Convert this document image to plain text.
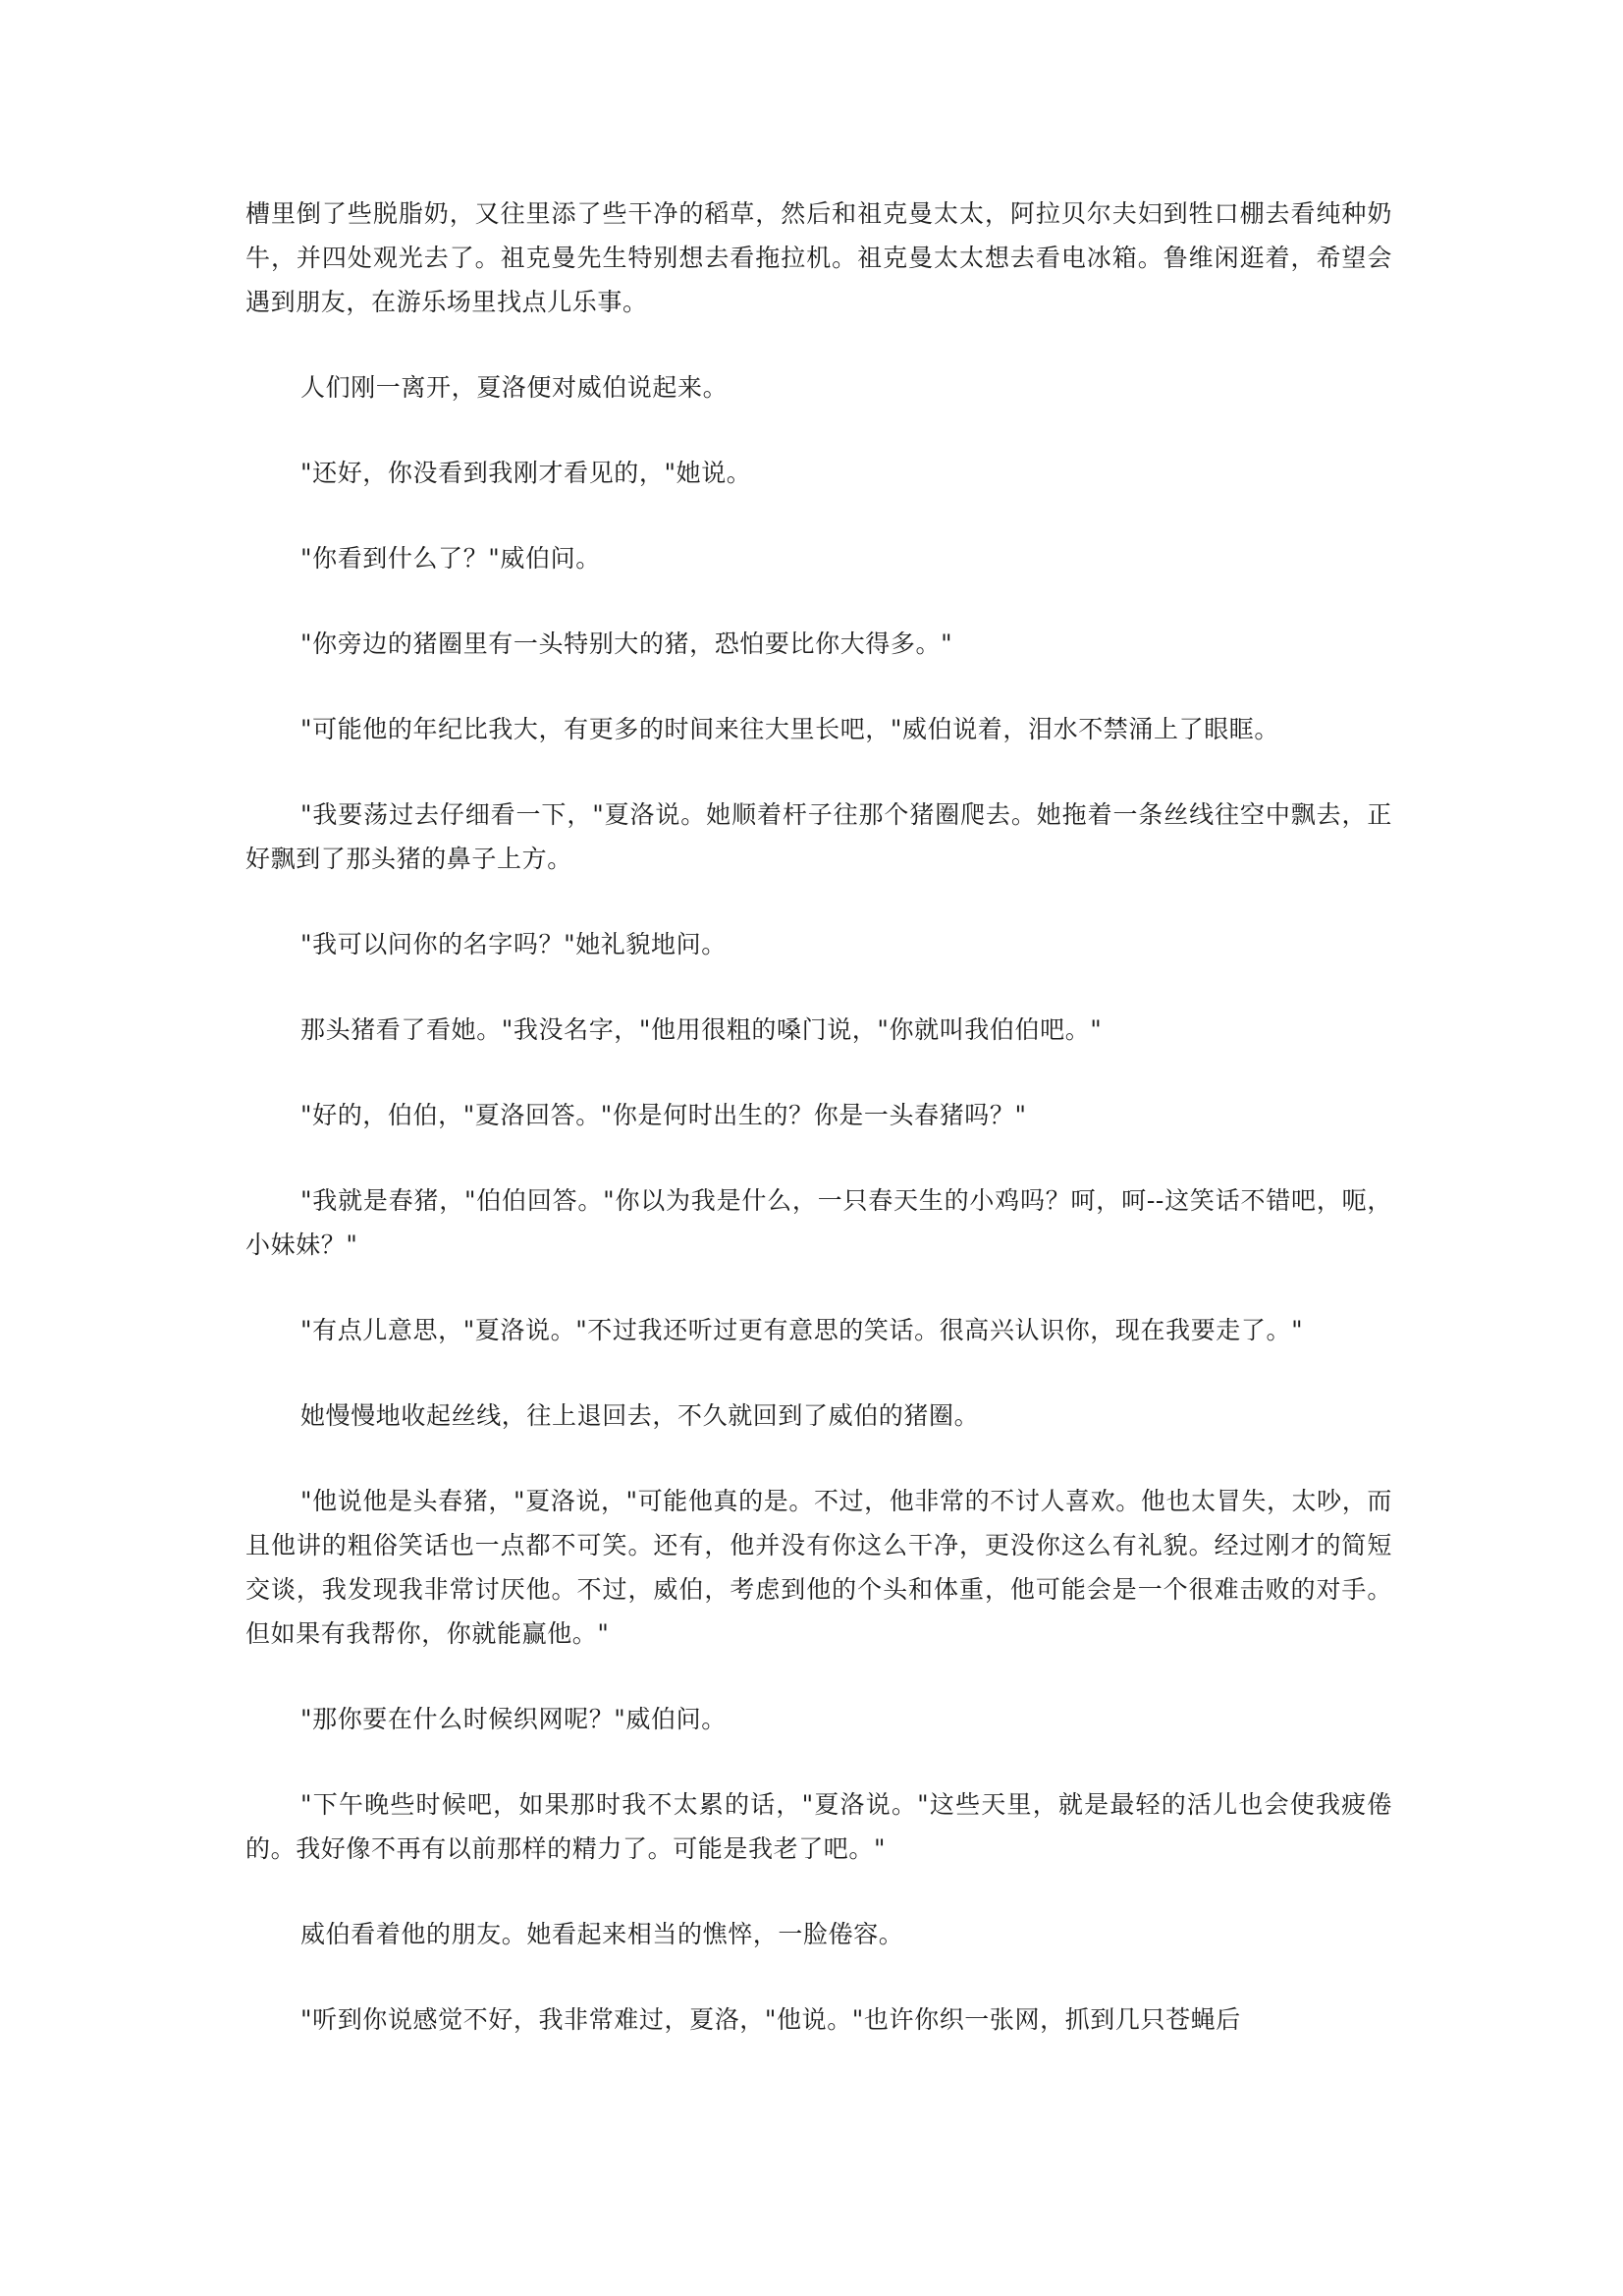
槽里倒了些脱脂奶，又往里添了些干净的稻草，然后和祖克曼太太，阿拉贝尔夫妇到牲口棚去看纯种奶牛，并四处观光去了。祖克曼先生特别想去看拖拉机。祖克曼太太想去看电冰箱。鲁维闲逛着，希望会遇到朋友，在游乐场里找点儿乐事。

人们刚一离开，夏洛便对威伯说起来。

"还好，你没看到我刚才看见的，"她说。

"你看到什么了？"威伯问。

"你旁边的猪圈里有一头特别大的猪，恐怕要比你大得多。"

"可能他的年纪比我大，有更多的时间来往大里长吧，"威伯说着，泪水不禁涌上了眼眶。

"我要荡过去仔细看一下，"夏洛说。她顺着杆子往那个猪圈爬去。她拖着一条丝线往空中飘去，正好飘到了那头猪的鼻子上方。

"我可以问你的名字吗？"她礼貌地问。

那头猪看了看她。"我没名字，"他用很粗的嗓门说，"你就叫我伯伯吧。"

"好的，伯伯，"夏洛回答。"你是何时出生的？你是一头春猪吗？"

"我就是春猪，"伯伯回答。"你以为我是什么，一只春天生的小鸡吗？呵，呵--这笑话不错吧，呃，小妹妹？"

"有点儿意思，"夏洛说。"不过我还听过更有意思的笑话。很高兴认识你，现在我要走了。"

她慢慢地收起丝线，往上退回去，不久就回到了威伯的猪圈。

"他说他是头春猪，"夏洛说，"可能他真的是。不过，他非常的不讨人喜欢。他也太冒失，太吵，而且他讲的粗俗笑话也一点都不可笑。还有，他并没有你这么干净，更没你这么有礼貌。经过刚才的简短交谈，我发现我非常讨厌他。不过，威伯，考虑到他的个头和体重，他可能会是一个很难击败的对手。但如果有我帮你，你就能赢他。"

"那你要在什么时候织网呢？"威伯问。

"下午晚些时候吧，如果那时我不太累的话，"夏洛说。"这些天里，就是最轻的活儿也会使我疲倦的。我好像不再有以前那样的精力了。可能是我老了吧。"

威伯看着他的朋友。她看起来相当的憔悴，一脸倦容。

"听到你说感觉不好，我非常难过，夏洛，"他说。"也许你织一张网，抓到几只苍蝇后
